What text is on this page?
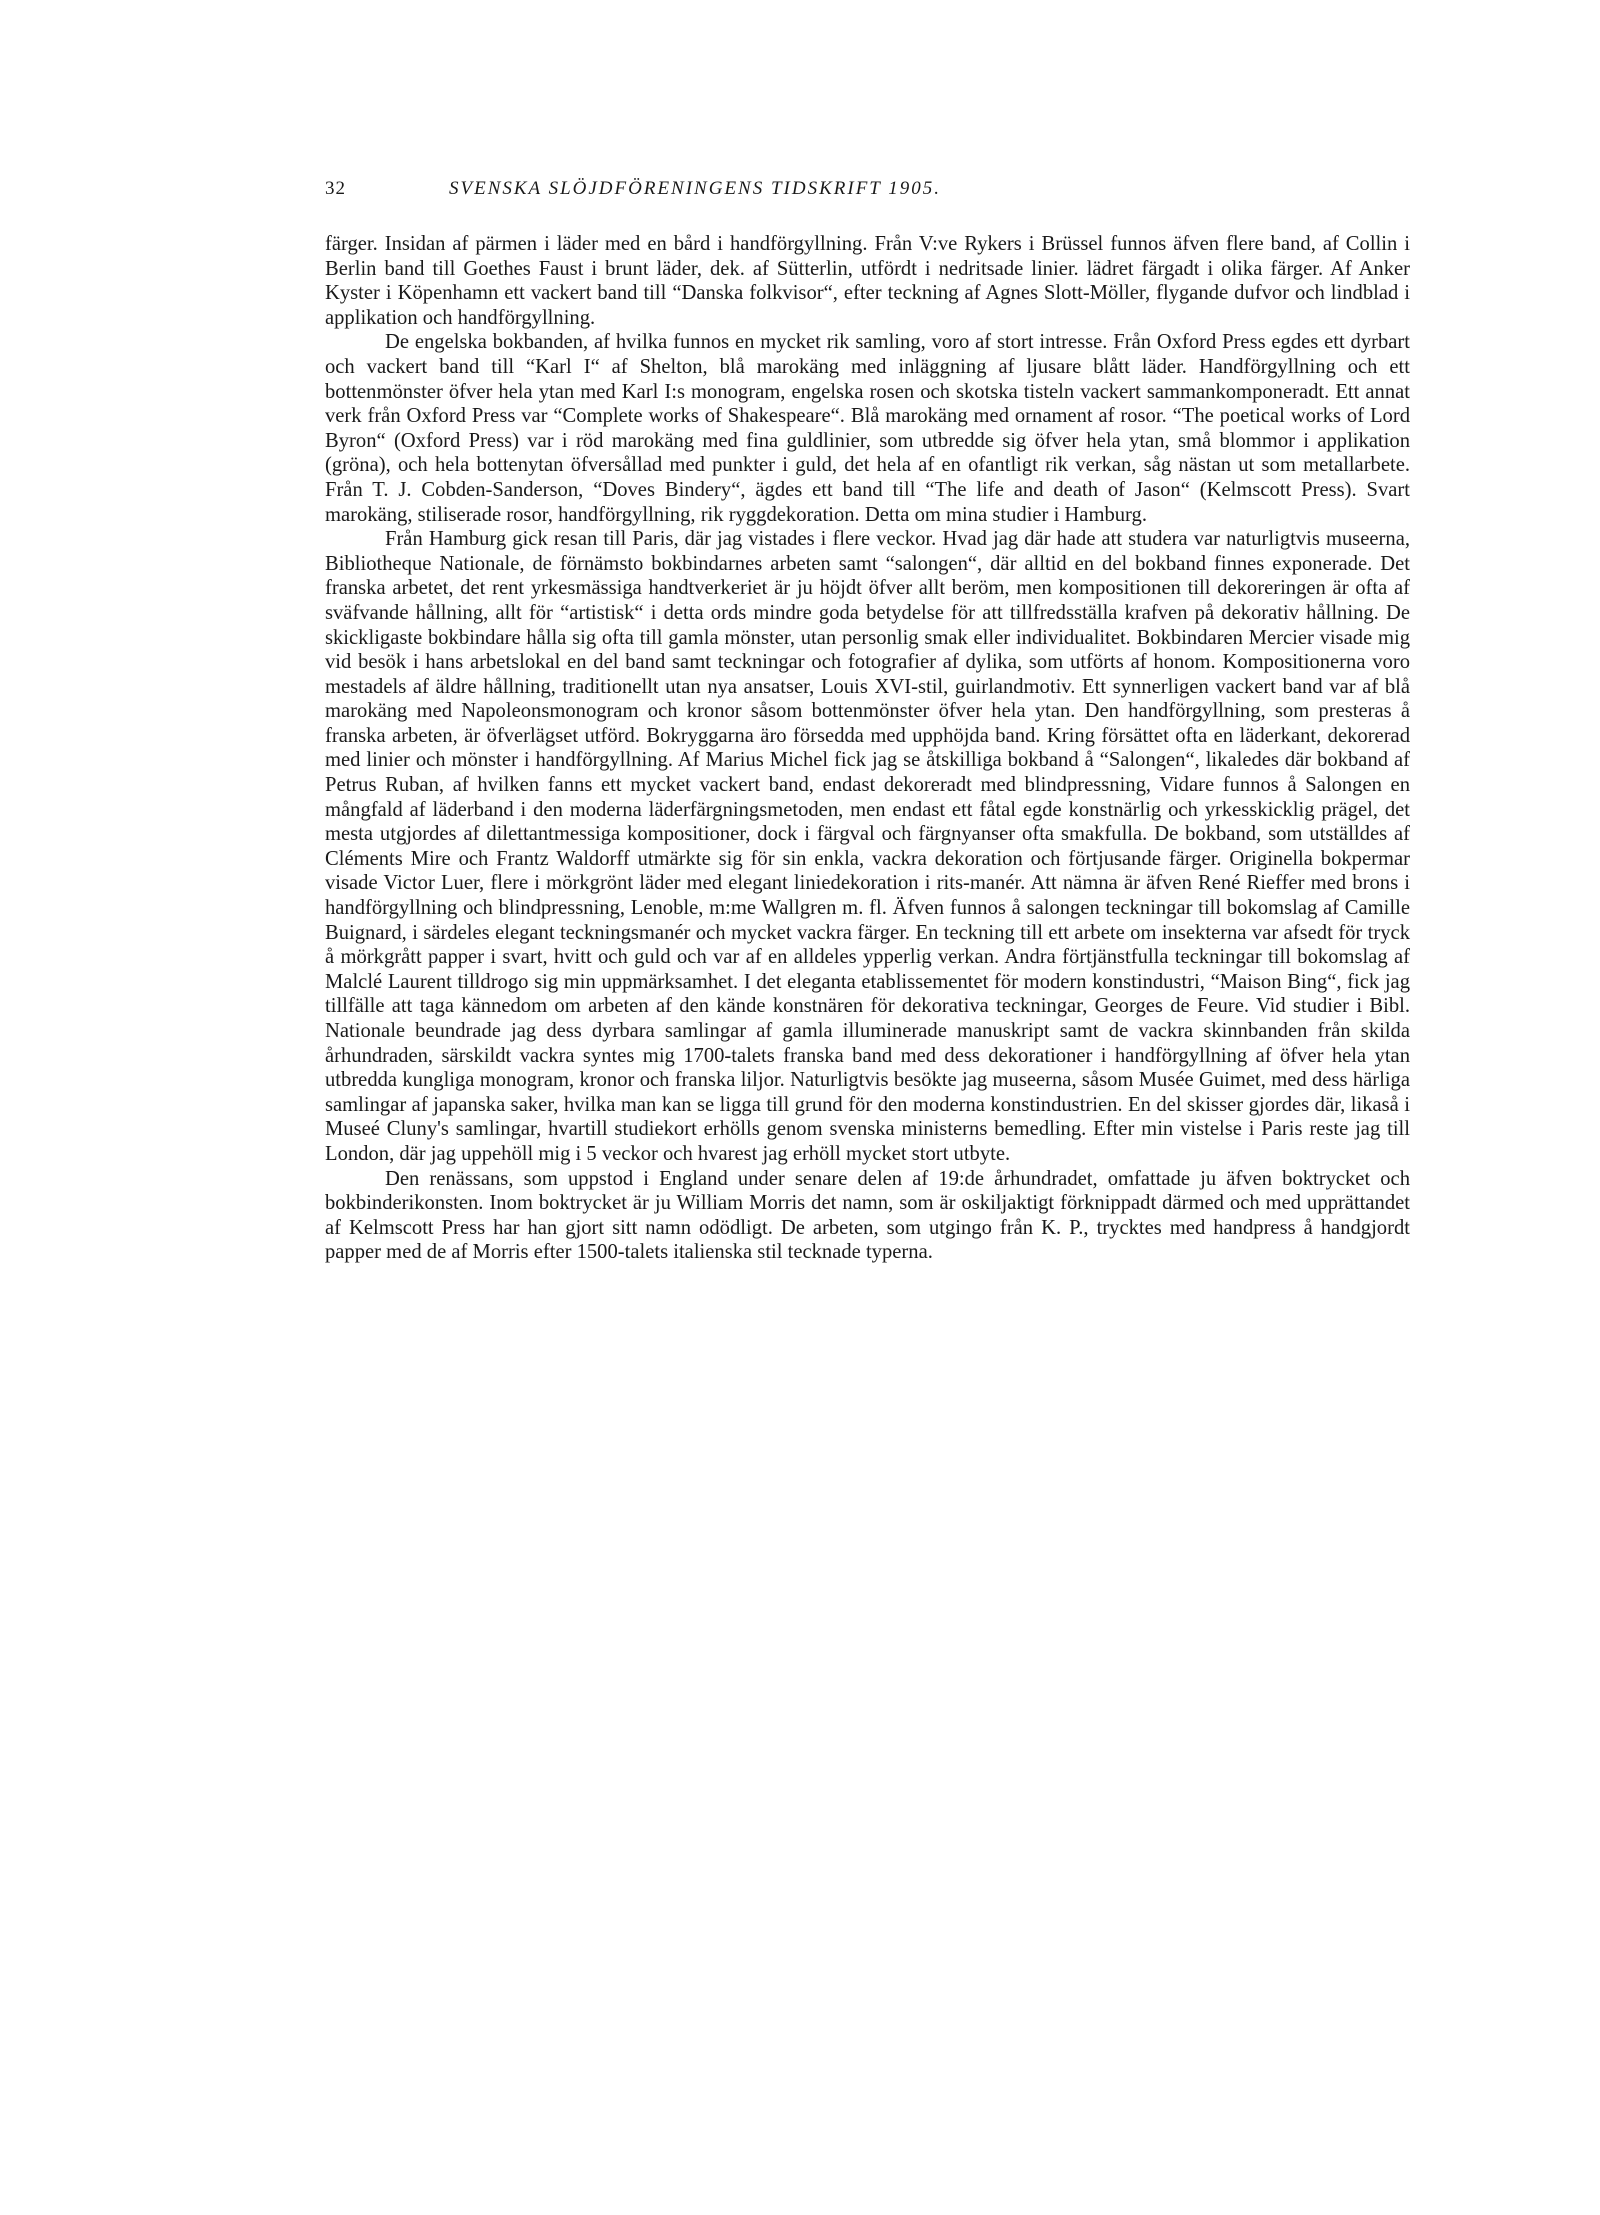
32	SVENSKA SLÖJDFÖRENINGENS TIDSKRIFT 1905.

färger. Insidan af pärmen i läder med en bård i handförgyllning. Från V:ve Rykers i Brüssel funnos äfven flere band, af Collin i Berlin band till Goethes Faust i brunt läder, dek. af Sütterlin, utfördt i nedritsade linier. lädret färgadt i olika färger. Af Anker Kyster i Köpenhamn ett vackert band till “Danska folkvisor“, efter teckning af Agnes Slott-Möller, flygande dufvor och lindblad i applikation och handförgyllning.

De engelska bokbanden, af hvilka funnos en mycket rik samling, voro af stort intresse. Från Oxford Press egdes ett dyrbart och vackert band till “Karl I“ af Shelton, blå marokäng med inläggning af ljusare blått läder. Handförgyllning och ett bottenmönster öfver hela ytan med Karl I:s monogram, engelska rosen och skotska tisteln vackert sammankomponeradt. Ett annat verk från Oxford Press var “Complete works of Shakespeare“. Blå marokäng med ornament af rosor. “The poetical works of Lord Byron“ (Oxford Press) var i röd marokäng med fina guldlinier, som utbredde sig öfver hela ytan, små blommor i applikation (gröna), och hela bottenytan öfversållad med punkter i guld, det hela af en ofantligt rik verkan, såg nästan ut som metallarbete. Från T. J. Cobden-Sanderson, “Doves Bindery“, ägdes ett band till “The life and death of Jason“ (Kelmscott Press). Svart marokäng, stiliserade rosor, handförgyllning, rik ryggdekoration. Detta om mina studier i Hamburg.

Från Hamburg gick resan till Paris, där jag vistades i flere veckor. Hvad jag där hade att studera var naturligtvis museerna, Bibliotheque Nationale, de förnämsto bokbindarnes arbeten samt “salongen“, där alltid en del bokband finnes exponerade. Det franska arbetet, det rent yrkesmässiga handtverkeriet är ju höjdt öfver allt beröm, men kompositionen till dekoreringen är ofta af sväfvande hållning, allt för “artistisk“ i detta ords mindre goda betydelse för att tillfredsställa krafven på dekorativ hållning. De skickligaste bokbindare hålla sig ofta till gamla mönster, utan personlig smak eller individualitet. Bokbindaren Mercier visade mig vid besök i hans arbetslokal en del band samt teckningar och fotografier af dylika, som utförts af honom. Kompositionerna voro mestadels af äldre hållning, traditionellt utan nya ansatser, Louis XVI-stil, guirlandmotiv. Ett synnerligen vackert band var af blå marokäng med Napoleonsmonogram och kronor såsom bottenmönster öfver hela ytan. Den handförgyllning, som presteras å franska arbeten, är öfverlägset utförd. Bokryggarna äro försedda med upphöjda band. Kring försättet ofta en läderkant, dekorerad med linier och mönster i handförgyllning. Af Marius Michel fick jag se åtskilliga bokband å “Salongen“, likaledes där bokband af Petrus Ruban, af hvilken fanns ett mycket vackert band, endast dekoreradt med blindpressning, Vidare funnos å Salongen en mångfald af läderband i den moderna läderfärgningsmetoden, men endast ett fåtal egde konstnärlig och yrkesskicklig prägel, det mesta utgjordes af dilettantmessiga kompositioner, dock i färgval och färgnyanser ofta smakfulla. De bokband, som utställdes af Cléments Mire och Frantz Waldorff utmärkte sig för sin enkla, vackra dekoration och förtjusande färger. Originella bokpermar visade Victor Luer, flere i mörkgrönt läder med elegant liniedekoration i rits-manér. Att nämna är äfven René Rieffer med brons i handförgyllning och blindpressning, Lenoble, m:me Wallgren m. fl. Äfven funnos å salongen teckningar till bokomslag af Camille Buignard, i särdeles elegant teckningsmanér och mycket vackra färger. En teckning till ett arbete om insekterna var afsedt för tryck å mörkgrått papper i svart, hvitt och guld och var af en alldeles ypperlig verkan. Andra förtjänstfulla teckningar till bokomslag af Malclé Laurent tilldrogo sig min uppmärksamhet. I det eleganta etablissementet för modern konstindustri, “Maison Bing“, fick jag tillfälle att taga kännedom om arbeten af den kände konstnären för dekorativa teckningar, Georges de Feure. Vid studier i Bibl. Nationale beundrade jag dess dyrbara samlingar af gamla illuminerade manuskript samt de vackra skinnbanden från skilda århundraden, särskildt vackra syntes mig 1700-talets franska band med dess dekorationer i handförgyllning af öfver hela ytan utbredda kungliga monogram, kronor och franska liljor. Naturligtvis besökte jag museerna, såsom Musée Guimet, med dess härliga samlingar af japanska saker, hvilka man kan se ligga till grund för den moderna konstindustrien. En del skisser gjordes där, likaså i Museé Cluny's samlingar, hvartill studiekort erhölls genom svenska ministerns bemedling. Efter min vistelse i Paris reste jag till London, där jag uppehöll mig i 5 veckor och hvarest jag erhöll mycket stort utbyte.

Den renässans, som uppstod i England under senare delen af 19:de århundradet, omfattade ju äfven boktrycket och bokbinderikonsten. Inom boktrycket är ju William Morris det namn, som är oskiljaktigt förknippadt därmed och med upprättandet af Kelmscott Press har han gjort sitt namn odödligt. De arbeten, som utgingo från K. P., trycktes med handpress å handgjordt papper med de af Morris efter 1500-talets italienska stil tecknade typerna.
